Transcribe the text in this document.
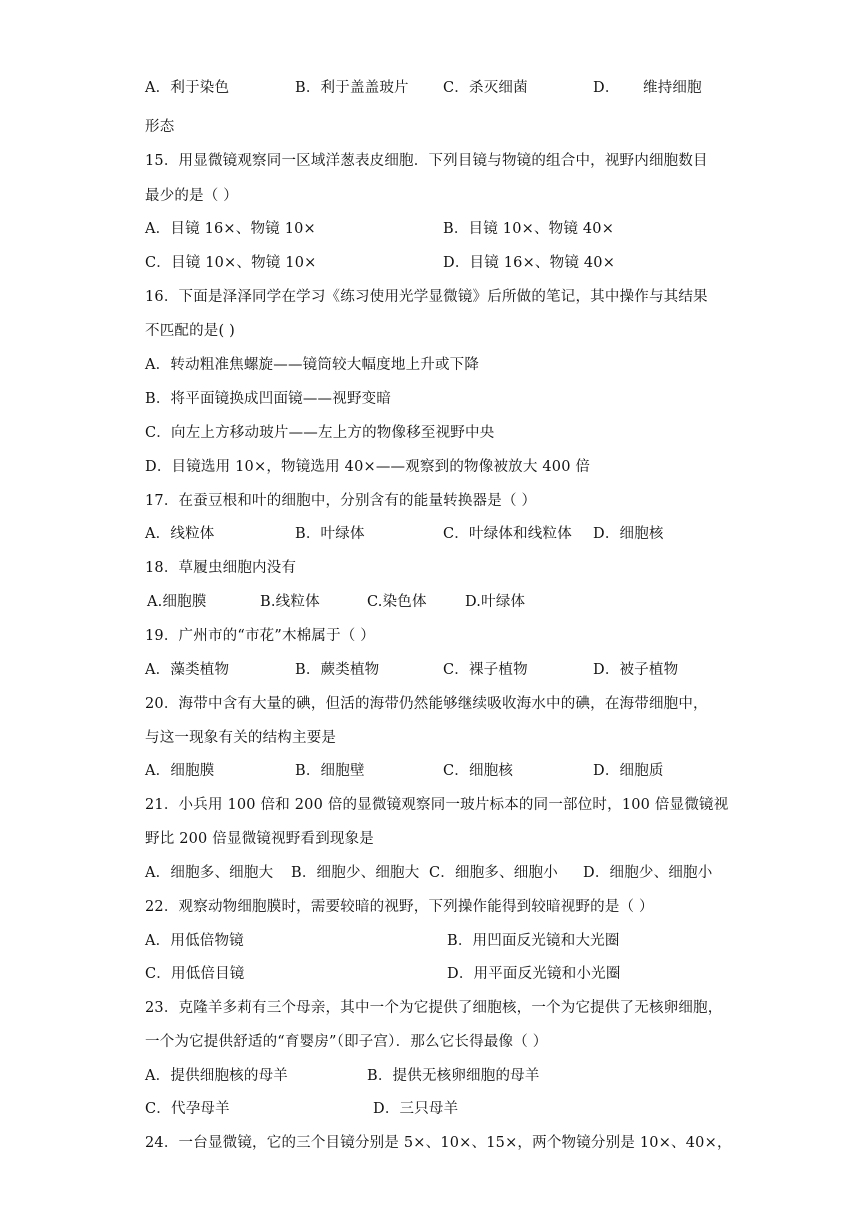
A．利于染色	B．利于盖盖玻片 C．杀灭细菌	D． 维持细胞
形态
15．用显微镜观察同一区域洋葱表皮细胞．下列目镜与物镜的组合中，视野内细胞数目
最少的是（ ）
A．目镜 16×、物镜 10×	B．目镜 10×、物镜 40×
C．目镜 10×、物镜 10×	D．目镜 16×、物镜 40×
16．下面是泽泽同学在学习《练习使用光学显微镜》后所做的笔记，其中操作与其结果
不匹配的是( )
A．转动粗准焦螺旋——镜筒较大幅度地上升或下降
B．将平面镜换成凹面镜——视野变暗
C．向左上方移动玻片——左上方的物像移至视野中央
D．目镜选用 10×，物镜选用 40×——观察到的物像被放大 400 倍
17．在蚕豆根和叶的细胞中，分别含有的能量转换器是（ ）
A．线粒体	B．叶绿体	C．叶绿体和线粒体 D．细胞核
18．草履虫细胞内没有
A.细胞膜	B.线粒体	C.染色体	D.叶绿体
19．广州市的“市花”木棉属于（ ）
A．藻类植物	B．蕨类植物	C．裸子植物	D．被子植物
20．海带中含有大量的碘，但活的海带仍然能够继续吸收海水中的碘，在海带细胞中，
与这一现象有关的结构主要是
A．细胞膜	B．细胞壁	C．细胞核	D．细胞质
21．小兵用 100 倍和 200 倍的显微镜观察同一玻片标本的同一部位时，100 倍显微镜视
野比 200 倍显微镜视野看到现象是
A．细胞多、细胞大 B．细胞少、细胞大 C．细胞多、细胞小 D．细胞少、细胞小
22．观察动物细胞膜时，需要较暗的视野，下列操作能得到较暗视野的是（ ）
A．用低倍物镜	B．用凹面反光镜和大光圈
C．用低倍目镜	D．用平面反光镜和小光圈
23．克隆羊多莉有三个母亲，其中一个为它提供了细胞核，一个为它提供了无核卵细胞，
一个为它提供舒适的“育婴房”（即子宫）．那么它长得最像（ ）
A．提供细胞核的母羊	B．提供无核卵细胞的母羊
C．代孕母羊	D．三只母羊
24．一台显微镜，它的三个目镜分别是 5×、10×、15×，两个物镜分别是 10×、40×，
